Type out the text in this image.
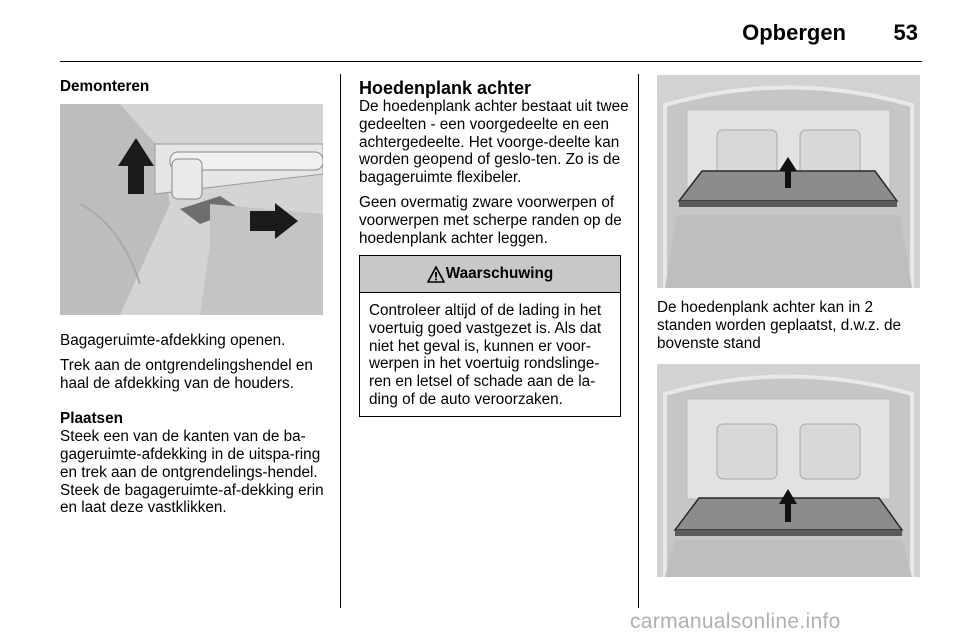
Opbergen	53

Demonteren

Bagageruimte-afdekking openen.

Trek aan de ontgrendelingshendel en haal de afdekking van de houders.

Plaatsen

Steek een van de kanten van de ba-gageruimte-afdekking in de uitspa-ring en trek aan de ontgrendelings-hendel. Steek de bagageruimte-af-dekking erin en laat deze vastklikken.

Hoedenplank achter

De hoedenplank achter bestaat uit twee gedeelten - een voorgedeelte en een achtergedeelte. Het voorge-deelte kan worden geopend of geslo-ten. Zo is de bagageruimte flexibeler.

Geen overmatig zware voorwerpen of voorwerpen met scherpe randen op de hoedenplank achter leggen.

Waarschuwing
Controleer altijd of de lading in het voertuig goed vastgezet is. Als dat niet het geval is, kunnen er voor-werpen in het voertuig rondslinge-ren en letsel of schade aan de la-ding of de auto veroorzaken.

De hoedenplank achter kan in 2 standen worden geplaatst, d.w.z. de bovenste stand

carmanualsonline.info
